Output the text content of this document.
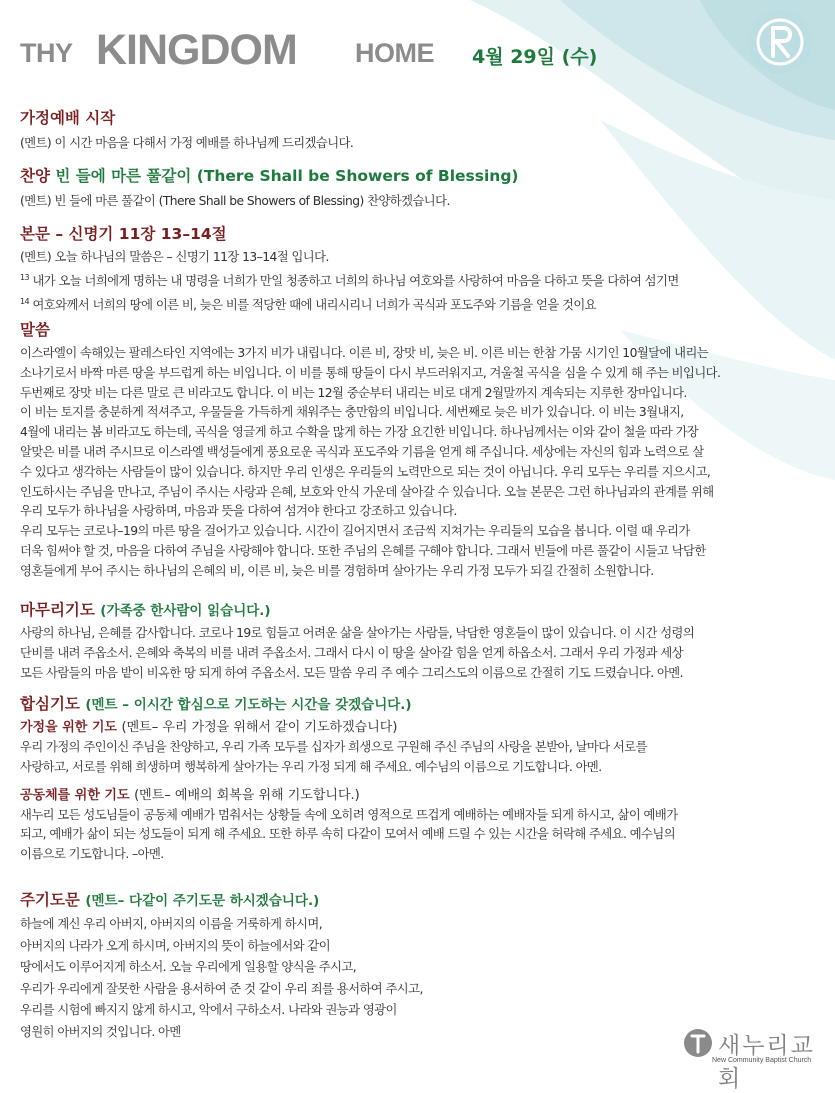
THY KINGDOM HOME 4월 29일 (수)
가정예배 시작

(멘트) 이 시간 마음을 다해서 가정 예배를 하나님께 드리겠습니다.

찬양 빈 들에 마른 풀같이 (There Shall be Showers of Blessing)

(멘트) 빈 들에 마른 풀같이 (There Shall be Showers of Blessing) 찬양하겠습니다.

본문 – 신명기 11장 13–14절

(멘트) 오늘 하나님의 말씀은 – 신명기 11장 13–14절 입니다.

$^{13}$ 내가 오늘 너희에게 명하는 내 명령을 너희가 만일 청종하고 너희의 하나님 여호와를 사랑하여 마음을 다하고 뜻을 다하여 섬기면

$^{14}$ 여호와께서 너희의 땅에 이른 비, 늦은 비를 적당한 때에 내리시리니 너희가 곡식과 포도주와 기름을 얻을 것이요

말씀

이스라엘이 속해있는 팔레스타인 지역에는 3가지 비가 내립니다. 이른 비, 장맛 비, 늦은 비. 이른 비는 한참 가뭄 시기인 10월달에 내리는

소나기로서 바짝 마른 땅을 부드럽게 하는 비입니다. 이 비를 통해 땅들이 다시 부드러워지고, 겨울철 곡식을 심을 수 있게 해 주는 비입니다.

두번째로 장맛 비는 다른 말로 큰 비라고도 합니다. 이 비는 12월 중순부터 내리는 비로 대게 2월말까지 계속되는 지루한 장마입니다.

이 비는 토지를 충분하게 적셔주고, 우물들을 가득하게 채워주는 충만함의 비입니다. 세번째로 늦은 비가 있습니다. 이 비는 3월내지,

4월에 내리는 봄 비라고도 하는데, 곡식을 영글게 하고 수확을 많게 하는 가장 요긴한 비입니다. 하나님께서는 이와 같이 철을 따라 가장

알맞은 비를 내려 주시므로 이스라엘 백성들에게 풍요로운 곡식과 포도주와 기름을 얻게 해 주십니다. 세상에는 자신의 힘과 노력으로 살

수 있다고 생각하는 사람들이 많이 있습니다. 하지만 우리 인생은 우리들의 노력만으로 되는 것이 아닙니다. 우리 모두는 우리를 지으시고,

인도하시는 주님을 만나고, 주님이 주시는 사랑과 은혜, 보호와 안식 가운데 살아갈 수 있습니다. 오늘 본문은 그런 하나님과의 관계를 위해

우리 모두가 하나님을 사랑하며, 마음과 뜻을 다하여 섬겨야 한다고 강조하고 있습니다.

우리 모두는 코로나–19의 마른 땅을 걸어가고 있습니다. 시간이 길어지면서 조금씩 지쳐가는 우리들의 모습을 봅니다. 이럴 때 우리가

더욱 힘써야 할 것, 마음을 다하여 주님을 사랑해야 합니다. 또한 주님의 은혜를 구해야 합니다. 그래서 빈들에 마른 풀같이 시들고 낙담한

영혼들에게 부어 주시는 하나님의 은혜의 비, 이른 비, 늦은 비를 경험하며 살아가는 우리 가정 모두가 되길 간절히 소원합니다.

마무리기도 (가족중 한사람이 읽습니다.)

사랑의 하나님, 은혜를 감사합니다. 코로나 19로 힘들고 어려운 삶을 살아가는 사람들, 낙담한 영혼들이 많이 있습니다. 이 시간 성령의

단비를 내려 주옵소서. 은혜와 축복의 비를 내려 주옵소서. 그래서 다시 이 땅을 살아갈 힘을 얻게 하옵소서. 그래서 우리 가정과 세상

모든 사람들의 마음 밭이 비옥한 땅 되게 하여 주옵소서. 모든 말씀 우리 주 예수 그리스도의 이름으로 간절히 기도 드렸습니다. 아멘.

합심기도 (멘트 – 이시간 합심으로 기도하는 시간을 갖겠습니다.)

가정을 위한 기도 (멘트– 우리 가정을 위해서 같이 기도하겠습니다)

우리 가정의 주인이신 주님을 찬양하고, 우리 가족 모두를 십자가 희생으로 구원해 주신 주님의 사랑을 본받아, 날마다 서로를

사랑하고, 서로를 위해 희생하며 행복하게 살아가는 우리 가정 되게 해 주세요. 예수님의 이름으로 기도합니다. 아멘.

공동체를 위한 기도 (멘트– 예배의 회복을 위해 기도합니다.)

새누리 모든 성도님들이 공동체 예배가 멈춰서는 상황들 속에 오히려 영적으로 뜨겁게 예배하는 예배자들 되게 하시고, 삶이 예배가

되고, 예배가 삶이 되는 성도들이 되게 해 주세요. 또한 하루 속히 다같이 모여서 예배 드릴 수 있는 시간을 허락해 주세요. 예수님의

이름으로 기도합니다. –아멘.

주기도문 (멘트– 다같이 주기도문 하시겠습니다.)

하늘에 계신 우리 아버지, 아버지의 이름을 거룩하게 하시며,

아버지의 나라가 오게 하시며, 아버지의 뜻이 하늘에서와 같이

땅에서도 이루어지게 하소서. 오늘 우리에게 일용할 양식을 주시고,

우리가 우리에게 잘못한 사람을 용서하여 준 것 같이 우리 죄를 용서하여 주시고,

우리를 시험에 빠지지 않게 하시고, 악에서 구하소서. 나라와 권능과 영광이

영원히 아버지의 것입니다. 아멘

새누리교회
New Community Baptist Church
